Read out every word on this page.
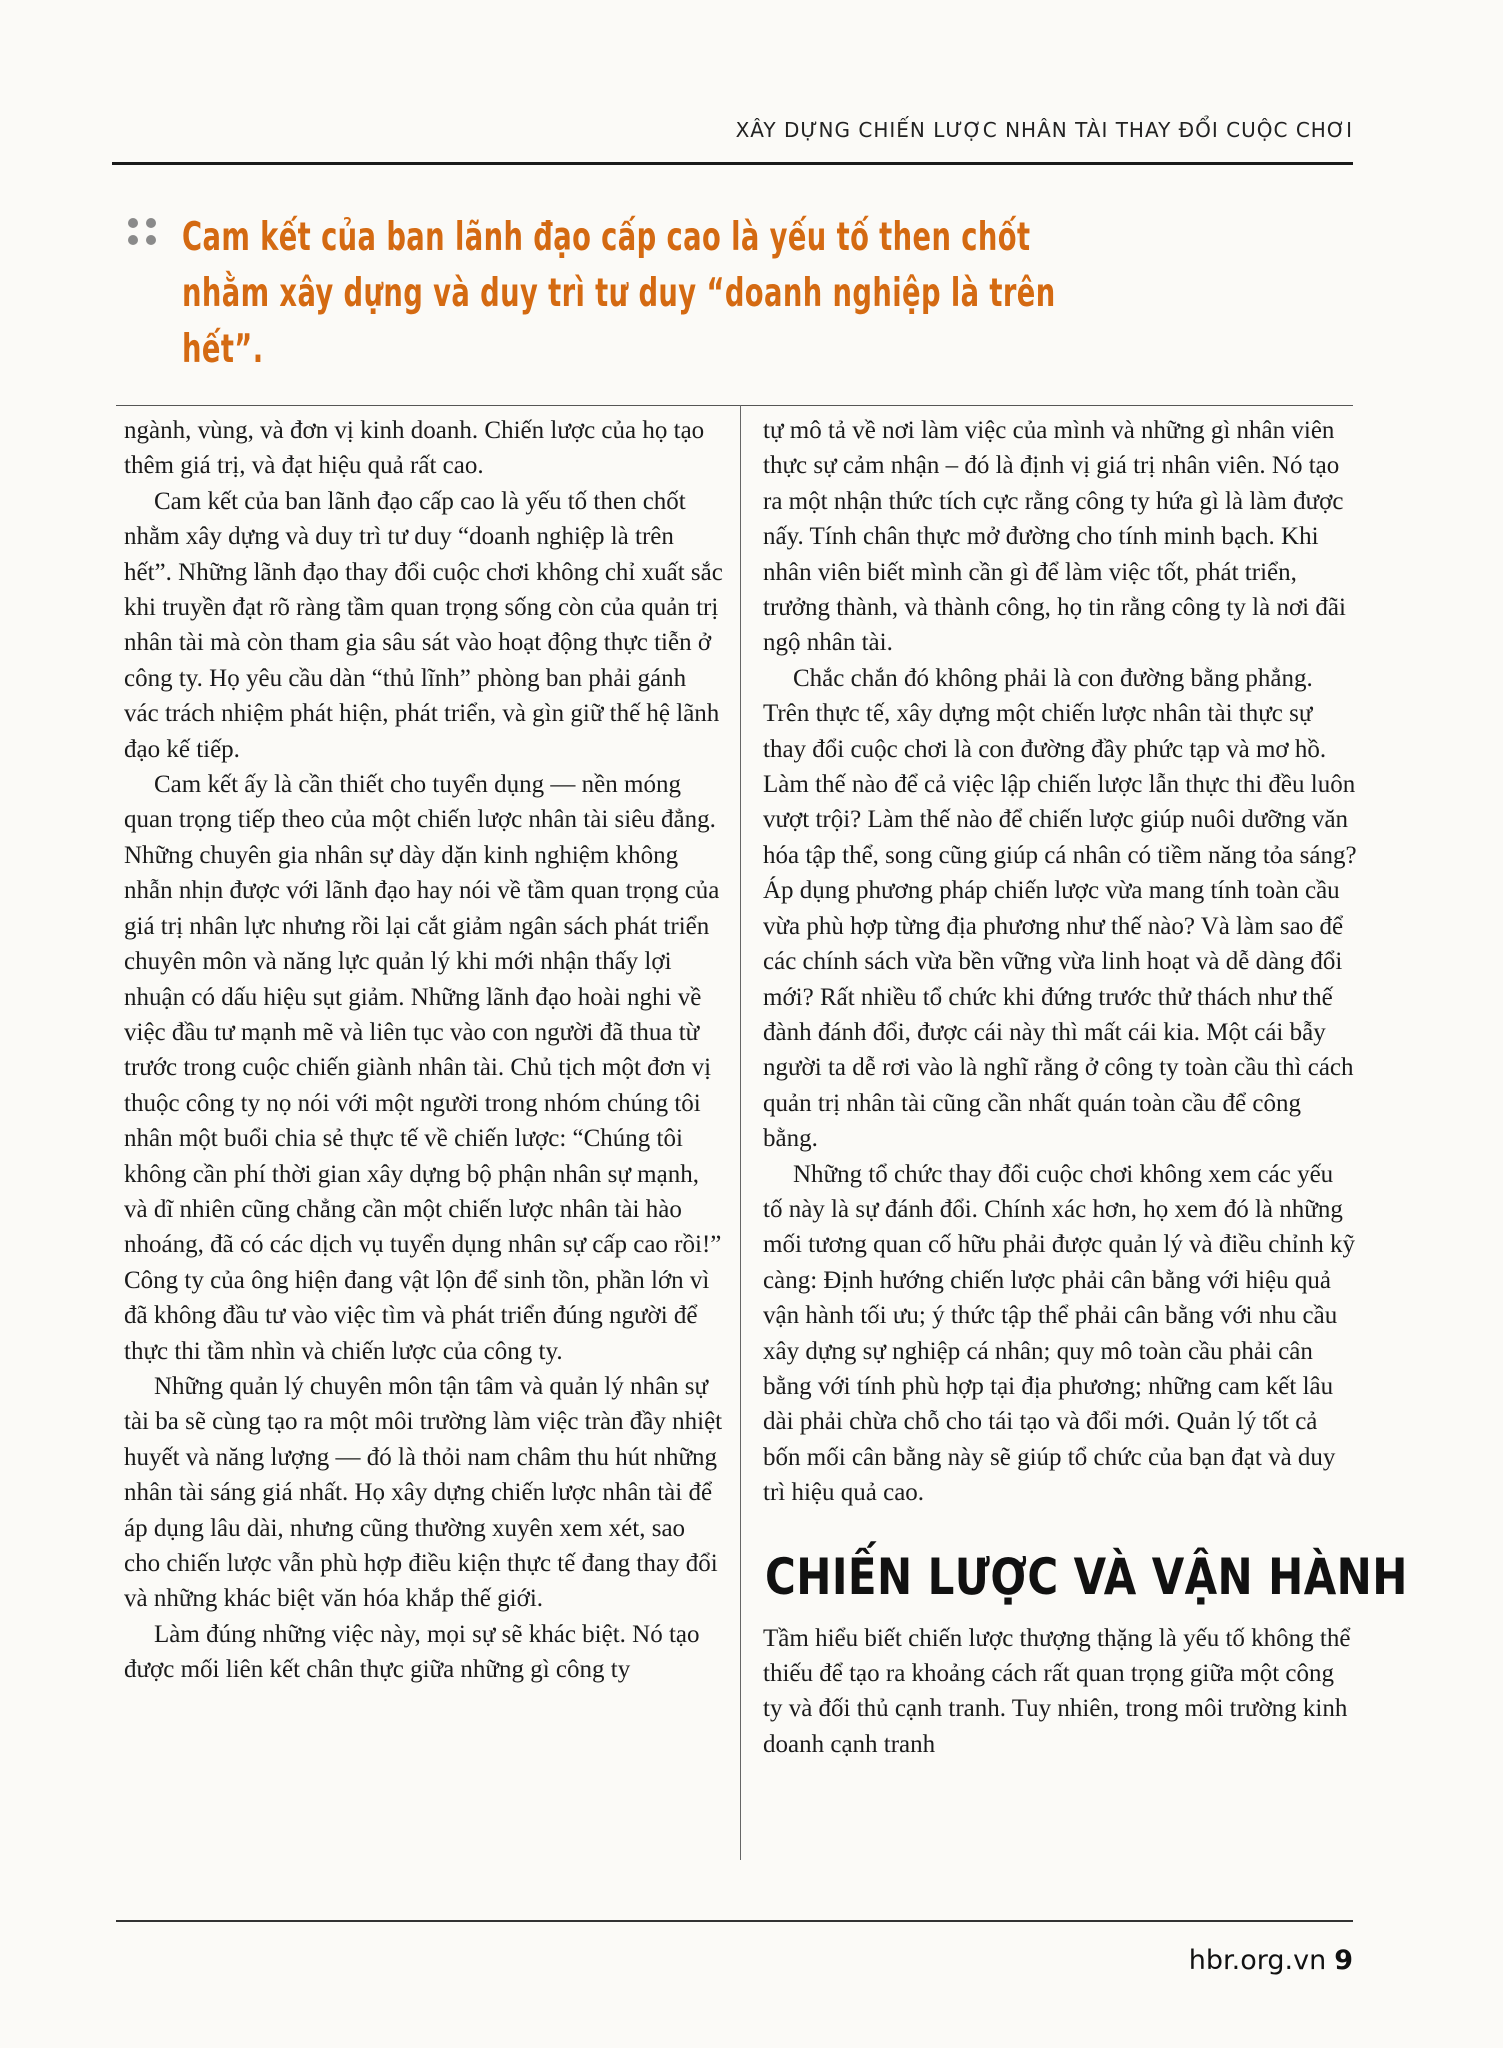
XÂY DỰNG CHIẾN LƯỢC NHÂN TÀI THAY ĐỔI CUỘC CHƠI
Cam kết của ban lãnh đạo cấp cao là yếu tố then chốt nhằm xây dựng và duy trì tư duy “doanh nghiệp là trên hết”.

ngành, vùng, và đơn vị kinh doanh. Chiến lược của họ tạo thêm giá trị, và đạt hiệu quả rất cao.

Cam kết của ban lãnh đạo cấp cao là yếu tố then chốt nhằm xây dựng và duy trì tư duy “doanh nghiệp là trên hết”. Những lãnh đạo thay đổi cuộc chơi không chỉ xuất sắc khi truyền đạt rõ ràng tầm quan trọng sống còn của quản trị nhân tài mà còn tham gia sâu sát vào hoạt động thực tiễn ở công ty. Họ yêu cầu dàn “thủ lĩnh” phòng ban phải gánh vác trách nhiệm phát hiện, phát triển, và gìn giữ thế hệ lãnh đạo kế tiếp.

Cam kết ấy là cần thiết cho tuyển dụng — nền móng quan trọng tiếp theo của một chiến lược nhân tài siêu đẳng. Những chuyên gia nhân sự dày dặn kinh nghiệm không nhẫn nhịn được với lãnh đạo hay nói về tầm quan trọng của giá trị nhân lực nhưng rồi lại cắt giảm ngân sách phát triển chuyên môn và năng lực quản lý khi mới nhận thấy lợi nhuận có dấu hiệu sụt giảm. Những lãnh đạo hoài nghi về việc đầu tư mạnh mẽ và liên tục vào con người đã thua từ trước trong cuộc chiến giành nhân tài. Chủ tịch một đơn vị thuộc công ty nọ nói với một người trong nhóm chúng tôi nhân một buổi chia sẻ thực tế về chiến lược: “Chúng tôi không cần phí thời gian xây dựng bộ phận nhân sự mạnh, và dĩ nhiên cũng chẳng cần một chiến lược nhân tài hào nhoáng, đã có các dịch vụ tuyển dụng nhân sự cấp cao rồi!” Công ty của ông hiện đang vật lộn để sinh tồn, phần lớn vì đã không đầu tư vào việc tìm và phát triển đúng người để thực thi tầm nhìn và chiến lược của công ty.

Những quản lý chuyên môn tận tâm và quản lý nhân sự tài ba sẽ cùng tạo ra một môi trường làm việc tràn đầy nhiệt huyết và năng lượng — đó là thỏi nam châm thu hút những nhân tài sáng giá nhất. Họ xây dựng chiến lược nhân tài để áp dụng lâu dài, nhưng cũng thường xuyên xem xét, sao cho chiến lược vẫn phù hợp điều kiện thực tế đang thay đổi và những khác biệt văn hóa khắp thế giới.

Làm đúng những việc này, mọi sự sẽ khác biệt. Nó tạo được mối liên kết chân thực giữa những gì công ty

tự mô tả về nơi làm việc của mình và những gì nhân viên thực sự cảm nhận – đó là định vị giá trị nhân viên. Nó tạo ra một nhận thức tích cực rằng công ty hứa gì là làm được nấy. Tính chân thực mở đường cho tính minh bạch. Khi nhân viên biết mình cần gì để làm việc tốt, phát triển, trưởng thành, và thành công, họ tin rằng công ty là nơi đãi ngộ nhân tài.

Chắc chắn đó không phải là con đường bằng phẳng. Trên thực tế, xây dựng một chiến lược nhân tài thực sự thay đổi cuộc chơi là con đường đầy phức tạp và mơ hồ. Làm thế nào để cả việc lập chiến lược lẫn thực thi đều luôn vượt trội? Làm thế nào để chiến lược giúp nuôi dưỡng văn hóa tập thể, song cũng giúp cá nhân có tiềm năng tỏa sáng? Áp dụng phương pháp chiến lược vừa mang tính toàn cầu vừa phù hợp từng địa phương như thế nào? Và làm sao để các chính sách vừa bền vững vừa linh hoạt và dễ dàng đổi mới? Rất nhiều tổ chức khi đứng trước thử thách như thế đành đánh đổi, được cái này thì mất cái kia. Một cái bẫy người ta dễ rơi vào là nghĩ rằng ở công ty toàn cầu thì cách quản trị nhân tài cũng cần nhất quán toàn cầu để công bằng.

Những tổ chức thay đổi cuộc chơi không xem các yếu tố này là sự đánh đổi. Chính xác hơn, họ xem đó là những mối tương quan cố hữu phải được quản lý và điều chỉnh kỹ càng: Định hướng chiến lược phải cân bằng với hiệu quả vận hành tối ưu; ý thức tập thể phải cân bằng với nhu cầu xây dựng sự nghiệp cá nhân; quy mô toàn cầu phải cân bằng với tính phù hợp tại địa phương; những cam kết lâu dài phải chừa chỗ cho tái tạo và đổi mới. Quản lý tốt cả bốn mối cân bằng này sẽ giúp tổ chức của bạn đạt và duy trì hiệu quả cao.

CHIẾN LƯỢC VÀ VẬN HÀNH

Tầm hiểu biết chiến lược thượng thặng là yếu tố không thể thiếu để tạo ra khoảng cách rất quan trọng giữa một công ty và đối thủ cạnh tranh. Tuy nhiên, trong môi trường kinh doanh cạnh tranh

hbr.org.vn 9
